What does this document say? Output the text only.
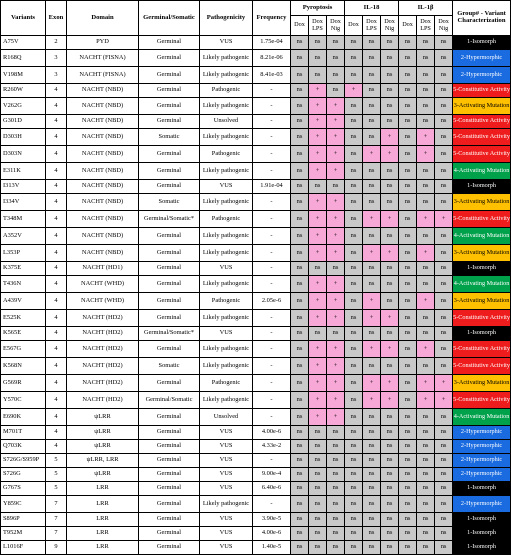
Variants	Exon	Domain	Germinal/Somatic	Pathogenicity	Frequency	Pyroptosis			IL-18			IL-1β			Group# - Variant Characterization
						Dox	Dox LPS	Dox Nig	Dox	Dox LPS	Dox Nig	Dox	Dox LPS	Dox Nig	
A75V	2	PYD	Germinal	VUS	1.75e-04	ns	ns	ns	ns	ns	ns	ns	ns	ns	1-Isomorph
R168Q	3	NACHT (FISNA)	Germinal	Likely pathogenic	8.21e-06	ns	ns	ns	ns	ns	ns	ns	ns	ns	2-Hypermorphic
V198M	3	NACHT (FISNA)	Germinal	Likely pathogenic	8.41e-03	ns	ns	ns	ns	ns	ns	ns	ns	ns	2-Hypermorphic
R260W	4	NACHT (NBD)	Germinal	Pathogenic	-	ns	+	ns	+	ns	ns	ns	ns	ns	5-Constitutive Activity
V262G	4	NACHT (NBD)	Germinal	Likely pathogenic	-	ns	+	+	ns	ns	ns	ns	ns	ns	3-Activating Mutation
G301D	4	NACHT (NBD)	Germinal	Unsolved	-	ns	+	+	ns	ns	ns	ns	ns	ns	5-Constitutive Activity
D303H	4	NACHT (NBD)	Somatic	Likely pathogenic	-	ns	+	+	ns	ns	+	ns	+	ns	5-Constitutive Activity
D303N	4	NACHT (NBD)	Germinal	Pathogenic	-	ns	+	+	ns	+	+	ns	+	ns	5-Constitutive Activity
E311K	4	NACHT (NBD)	Germinal	Likely pathogenic	-	ns	+	+	ns	ns	ns	ns	ns	ns	4-Activating Mutation
I313V	4	NACHT (NBD)	Germinal	VUS	1.91e-04	ns	ns	ns	ns	ns	ns	ns	ns	ns	1-Isomorph
I334V	4	NACHT (NBD)	Somatic	Likely pathogenic	-	ns	+	+	ns	ns	ns	ns	ns	ns	3-Activating Mutation
T348M	4	NACHT (NBD)	Germinal/Somatic*	Pathogenic	-	ns	+	+	ns	+	+	ns	+	+	5-Constitutive Activity
A352V	4	NACHT (NBD)	Germinal	Likely pathogenic	-	ns	+	+	ns	ns	ns	ns	ns	ns	4-Activating Mutation
L353P	4	NACHT (NBD)	Germinal	Likely pathogenic	-	ns	+	+	ns	+	+	ns	+	ns	3-Activating Mutation
K375E	4	NACHT (HD1)	Germinal	VUS	-	ns	ns	ns	ns	ns	ns	ns	ns	ns	1-Isomorph
T436N	4	NACHT (WHD)	Germinal	Likely pathogenic	-	ns	+	+	ns	ns	ns	ns	ns	ns	4-Activating Mutation
A439V	4	NACHT (WHD)	Germinal	Pathogenic	2.05e-6	ns	+	+	ns	+	ns	ns	+	ns	3-Activating Mutation
E525K	4	NACHT (HD2)	Germinal	Likely pathogenic	-	ns	+	+	ns	+	+	ns	ns	ns	5-Constitutive Activity
K565E	4	NACHT (HD2)	Germinal/Somatic*	VUS	-	ns	ns	ns	ns	ns	ns	ns	ns	ns	1-Isomorph
E567G	4	NACHT (HD2)	Germinal	Likely pathogenic	-	ns	+	+	ns	+	+	ns	+	ns	5-Constitutive Activity
K568N	4	NACHT (HD2)	Somatic	Likely pathogenic	-	ns	+	+	ns	ns	ns	ns	ns	ns	5-Constitutive Activity
G569R	4	NACHT (HD2)	Germinal	Pathogenic	-	ns	+	+	ns	+	+	ns	+	+	3-Activating Mutation
Y570C	4	NACHT (HD2)	Germinal/Somatic	Likely pathogenic	-	ns	+	+	ns	+	+	ns	+	+	5-Constitutive Activity
E690K	4	ψLRR	Germinal	Unsolved	-	ns	+	+	ns	ns	ns	ns	ns	ns	4-Activating Mutation
M701T	4	ψLRR	Germinal	VUS	4.00e-6	ns	ns	ns	ns	ns	ns	ns	ns	ns	2-Hypermorphic
Q703K	4	ψLRR	Germinal	VUS	4.33e-2	ns	ns	ns	ns	ns	ns	ns	ns	ns	2-Hypermorphic
S726G/S959P	5	ψLRR, LRR	Germinal	VUS	-	ns	ns	ns	ns	ns	ns	ns	ns	ns	2-Hypermorphic
S726G	5	ψLRR	Germinal	VUS	9.00e-4	ns	ns	ns	ns	ns	ns	ns	ns	ns	2-Hypermorphic
G767S	5	LRR	Germinal	VUS	6.40e-6	ns	ns	ns	ns	ns	ns	ns	ns	ns	1-Isomorph
Y859C	7	LRR	Germinal	Likely pathogenic	-	ns	ns	ns	ns	ns	ns	ns	ns	ns	2-Hypermorphic
S896P	7	LRR	Germinal	VUS	3.90e-5	ns	ns	ns	ns	ns	ns	ns	ns	ns	1-Isomorph
T952M	7	LRR	Germinal	VUS	4.00e-6	ns	ns	ns	ns	ns	ns	ns	ns	ns	1-Isomorph
L1016F	9	LRR	Germinal	VUS	1.40e-5	ns	ns	ns	ns	ns	ns	ns	ns	ns	1-Isomorph
